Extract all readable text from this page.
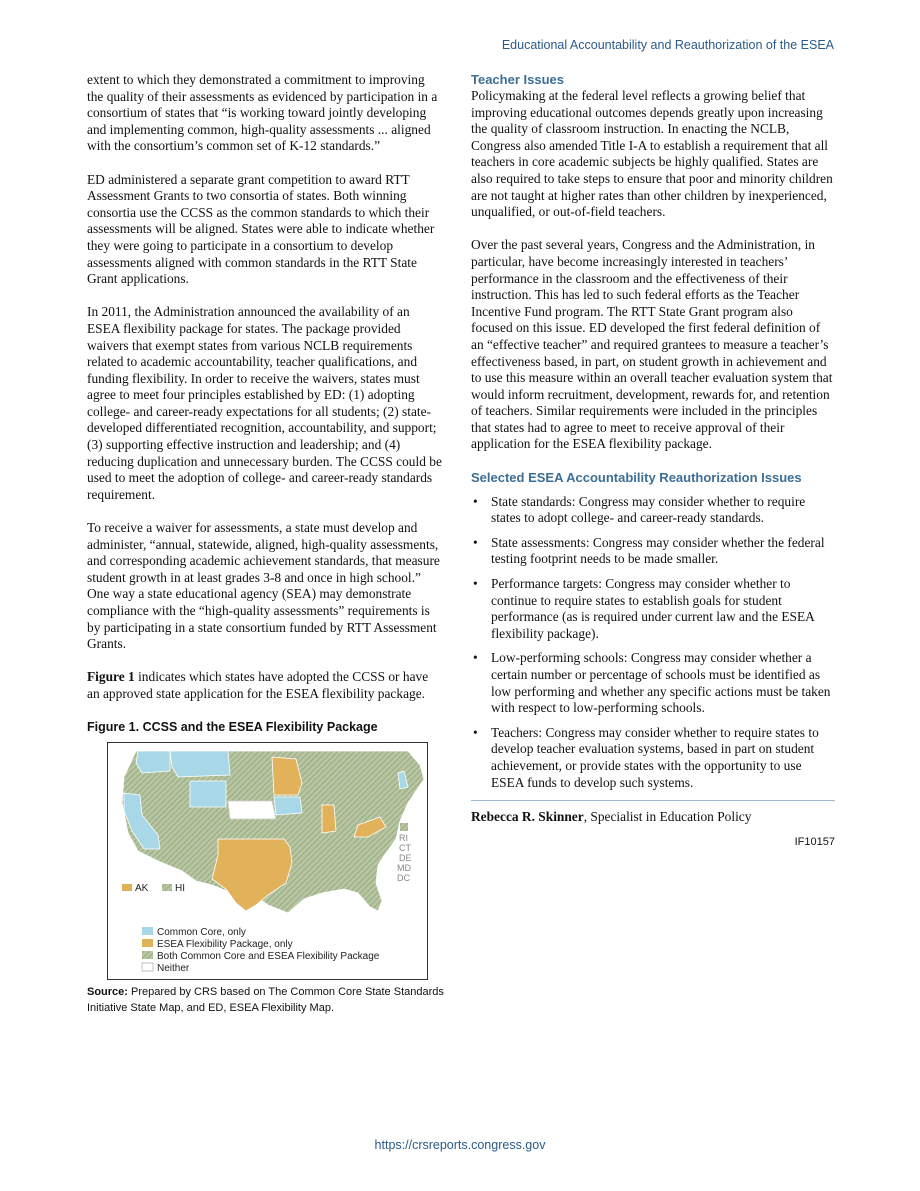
Educational Accountability and Reauthorization of the ESEA

extent to which they demonstrated a commitment to improving the quality of their assessments as evidenced by participation in a consortium of states that “is working toward jointly developing and implementing common, high-quality assessments ... aligned with the consortium’s common set of K-12 standards.”

ED administered a separate grant competition to award RTT Assessment Grants to two consortia of states. Both winning consortia use the CCSS as the common standards to which their assessments will be aligned. States were able to indicate whether they were going to participate in a consortium to develop assessments aligned with common standards in the RTT State Grant applications.

In 2011, the Administration announced the availability of an ESEA flexibility package for states. The package provided waivers that exempt states from various NCLB requirements related to academic accountability, teacher qualifications, and funding flexibility. In order to receive the waivers, states must agree to meet four principles established by ED: (1) adopting college- and career-ready expectations for all students; (2) state-developed differentiated recognition, accountability, and support; (3) supporting effective instruction and leadership; and (4) reducing duplication and unnecessary burden. The CCSS could be used to meet the adoption of college- and career-ready standards requirement.

To receive a waiver for assessments, a state must develop and administer, “annual, statewide, aligned, high-quality assessments, and corresponding academic achievement standards, that measure student growth in at least grades 3-8 and once in high school.” One way a state educational agency (SEA) may demonstrate compliance with the “high-quality assessments” requirements is by participating in a state consortium funded by RTT Assessment Grants.

Figure 1 indicates which states have adopted the CCSS or have an approved state application for the ESEA flexibility package.

Figure 1. CCSS and the ESEA Flexibility Package
AK	HI
RI
CT
DE
MD
DC
Common Core, only
ESEA Flexibility Package, only
Both Common Core and ESEA Flexibility Package
Neither
Source: Prepared by CRS based on The Common Core State Standards Initiative State Map, and ED, ESEA Flexibility Map.
Teacher Issues

Policymaking at the federal level reflects a growing belief that improving educational outcomes depends greatly upon increasing the quality of classroom instruction. In enacting the NCLB, Congress also amended Title I-A to establish a requirement that all teachers in core academic subjects be highly qualified. States are also required to take steps to ensure that poor and minority children are not taught at higher rates than other children by inexperienced, unqualified, or out-of-field teachers.

Over the past several years, Congress and the Administration, in particular, have become increasingly interested in teachers’ performance in the classroom and the effectiveness of their instruction. This has led to such federal efforts as the Teacher Incentive Fund program. The RTT State Grant program also focused on this issue. ED developed the first federal definition of an “effective teacher” and required grantees to measure a teacher’s effectiveness based, in part, on student growth in achievement and to use this measure within an overall teacher evaluation system that would inform recruitment, development, rewards for, and retention of teachers. Similar requirements were included in the principles that states had to agree to meet to receive approval of their application for the ESEA flexibility package.

Selected ESEA Accountability Reauthorization Issues
• State standards: Congress may consider whether to require states to adopt college- and career-ready standards.
• State assessments: Congress may consider whether the federal testing footprint needs to be made smaller.
• Performance targets: Congress may consider whether to continue to require states to establish goals for student performance (as is required under current law and the ESEA flexibility package).
• Low-performing schools: Congress may consider whether a certain number or percentage of schools must be identified as low performing and whether any specific actions must be taken with respect to low-performing schools.
• Teachers: Congress may consider whether to require states to develop teacher evaluation systems, based in part on student achievement, or provide states with the opportunity to use ESEA funds to develop such systems.
Rebecca R. Skinner, Specialist in Education Policy
IF10157
https://crsreports.congress.gov
